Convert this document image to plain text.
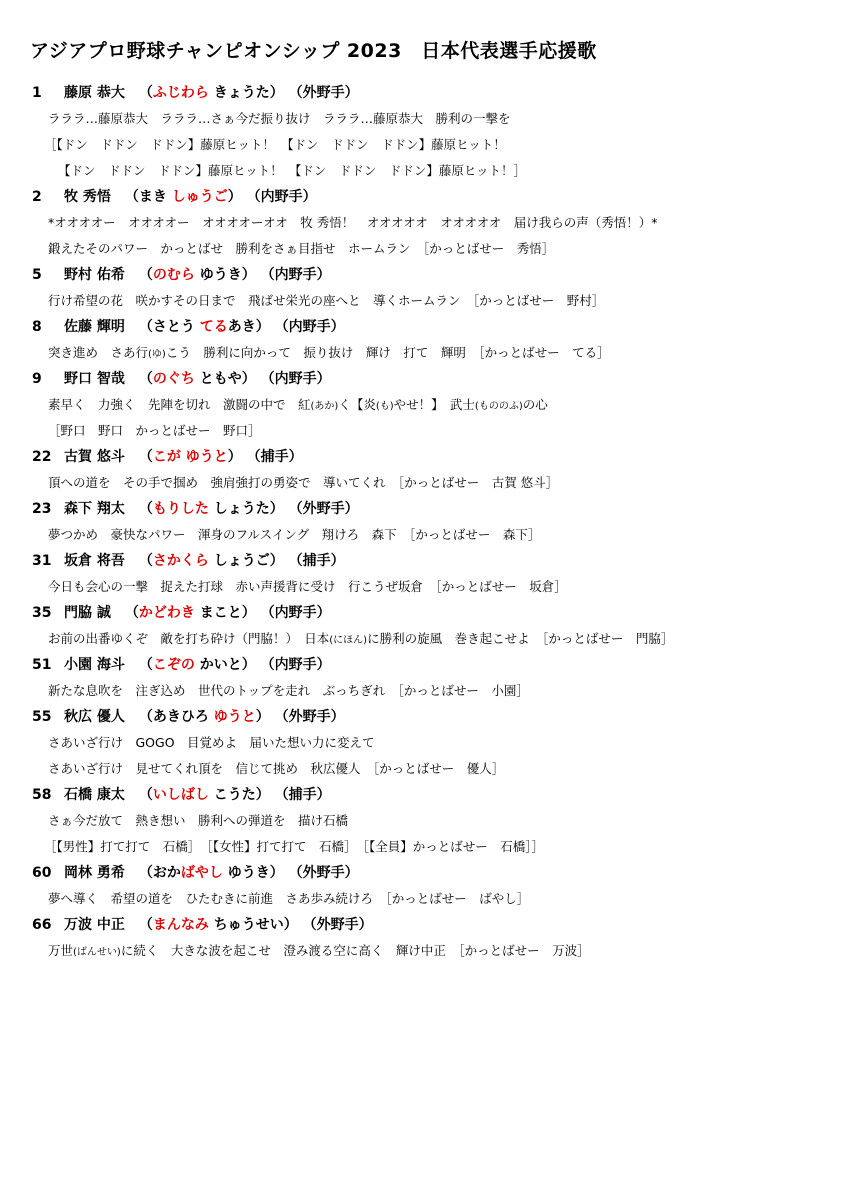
アジアプロ野球チャンピオンシップ 2023　日本代表選手応援歌
1 藤原 恭大 （ふじわら きょうた） （外野手）
ラララ…藤原恭大　ラララ…さぁ今だ振り抜け　ラララ…藤原恭大　勝利の一撃を
［【ドン　ドドン　ドドン】藤原ヒット！　【ドン　ドドン　ドドン】藤原ヒット！
【ドン　ドドン　ドドン】藤原ヒット！　【ドン　ドドン　ドドン】藤原ヒット！］
2 牧 秀悟 （まき しゅうご） （内野手）
*オオオオー　オオオオー　オオオオーオオ　牧 秀悟！　オオオオオ　オオオオオ　届け我らの声（秀悟！）*
鍛えたそのパワー　かっとばせ　勝利をさぁ目指せ　ホームラン　［かっとばせー　秀悟］
5 野村 佑希 （のむら ゆうき） （内野手）
行け希望の花　咲かすその日まで　飛ばせ栄光の座へと　導くホームラン　［かっとばせー　野村］
8 佐藤 輝明 （さとう てるあき） （内野手）
突き進め　さあ行(ゆ)こう　勝利に向かって　振り抜け　輝け　打て　輝明　［かっとばせー　てる］
9 野口 智哉 （のぐち ともや） （内野手）
素早く　力強く　先陣を切れ　激闘の中で　紅(あか)く【炎(も)やせ！】　武士(もののふ)の心
［野口　野口　かっとばせー　野口］
22 古賀 悠斗 （こが ゆうと） （捕手）
頂への道を　その手で掴め　強肩強打の勇姿で　導いてくれ　［かっとばせー　古賀 悠斗］
23 森下 翔太 （もりした しょうた） （外野手）
夢つかめ　豪快なパワー　渾身のフルスイング　翔けろ　森下　［かっとばせー　森下］
31 坂倉 将吾 （さかくら しょうご） （捕手）
今日も会心の一撃　捉えた打球　赤い声援背に受け　行こうぜ坂倉　［かっとばせー　坂倉］
35 門脇 誠 （かどわき まこと） （内野手）
お前の出番ゆくぞ　敵を打ち砕け（門脇！）　日本(にほん)に勝利の旋風　巻き起こせよ　［かっとばせー　門脇］
51 小園 海斗 （こぞの かいと） （内野手）
新たな息吹を　注ぎ込め　世代のトップを走れ　ぶっちぎれ　［かっとばせー　小園］
55 秋広 優人 （あきひろ ゆうと） （外野手）
さあいざ行け　GOGO　目覚めよ　届いた想い力に変えて
さあいざ行け　見せてくれ頂を　信じて挑め　秋広優人　［かっとばせー　優人］
58 石橋 康太 （いしばし こうた） （捕手）
さぁ今だ放て　熱き想い　勝利への弾道を　描け石橋
［【男性】打て打て　石橋］　［【女性】打て打て　石橋］　［【全員】かっとばせー　石橋］］
60 岡林 勇希 （おかばやし ゆうき） （外野手）
夢へ導く　希望の道を　ひたむきに前進　さあ歩み続けろ　［かっとばせー　ばやし］
66 万波 中正 （まんなみ ちゅうせい） （外野手）
万世(ばんせい)に続く　大きな波を起こせ　澄み渡る空に高く　輝け中正　［かっとばせー　万波］
